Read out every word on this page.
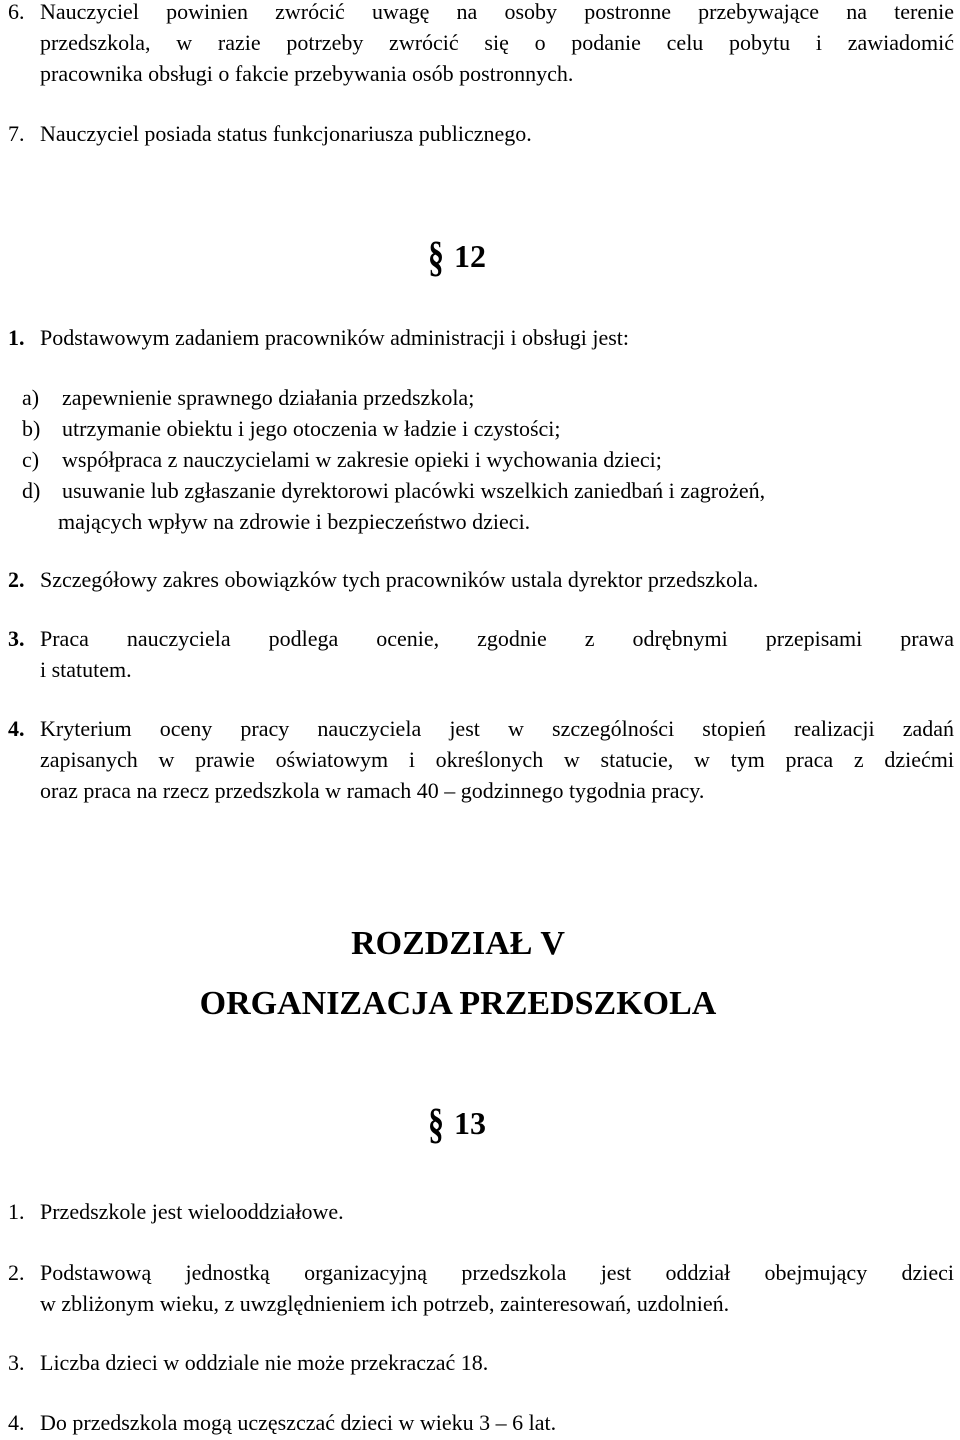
6. Nauczyciel powinien zwrócić uwagę na osoby postronne przebywające na terenie
przedszkola, w razie potrzeby zwrócić się o podanie celu pobytu i zawiadomić
pracownika obsługi o fakcie przebywania osób postronnych.
7. Nauczyciel posiada status funkcjonariusza publicznego.
§ 12
1. Podstawowym zadaniem pracowników administracji i obsługi jest:
a)	zapewnienie sprawnego działania przedszkola;
b) utrzymanie obiektu i jego otoczenia w ładzie i czystości;
c)	współpraca z nauczycielami w zakresie opieki i wychowania dzieci;
d) usuwanie lub zgłaszanie dyrektorowi placówki wszelkich zaniedbań i zagrożeń,
mających wpływ na zdrowie i bezpieczeństwo dzieci.
2. Szczegółowy zakres obowiązków tych pracowników ustala dyrektor przedszkola.
3. Praca nauczyciela podlega ocenie, zgodnie z odrębnymi przepisami prawa
i statutem.
4. Kryterium oceny pracy nauczyciela jest w szczególności stopień realizacji zadań
zapisanych w prawie oświatowym i określonych w statucie, w tym praca z dziećmi
oraz praca na rzecz przedszkola w ramach 40 – godzinnego tygodnia pracy.
ROZDZIAŁ V
ORGANIZACJA PRZEDSZKOLA
§ 13
1. Przedszkole jest wielooddziałowe.
2. Podstawową jednostką organizacyjną przedszkola jest oddział obejmujący dzieci
w zbliżonym wieku, z uwzględnieniem ich potrzeb, zainteresowań, uzdolnień.
3. Liczba dzieci w oddziale nie może przekraczać 18.
4. Do przedszkola mogą uczęszczać dzieci w wieku 3 – 6 lat.
